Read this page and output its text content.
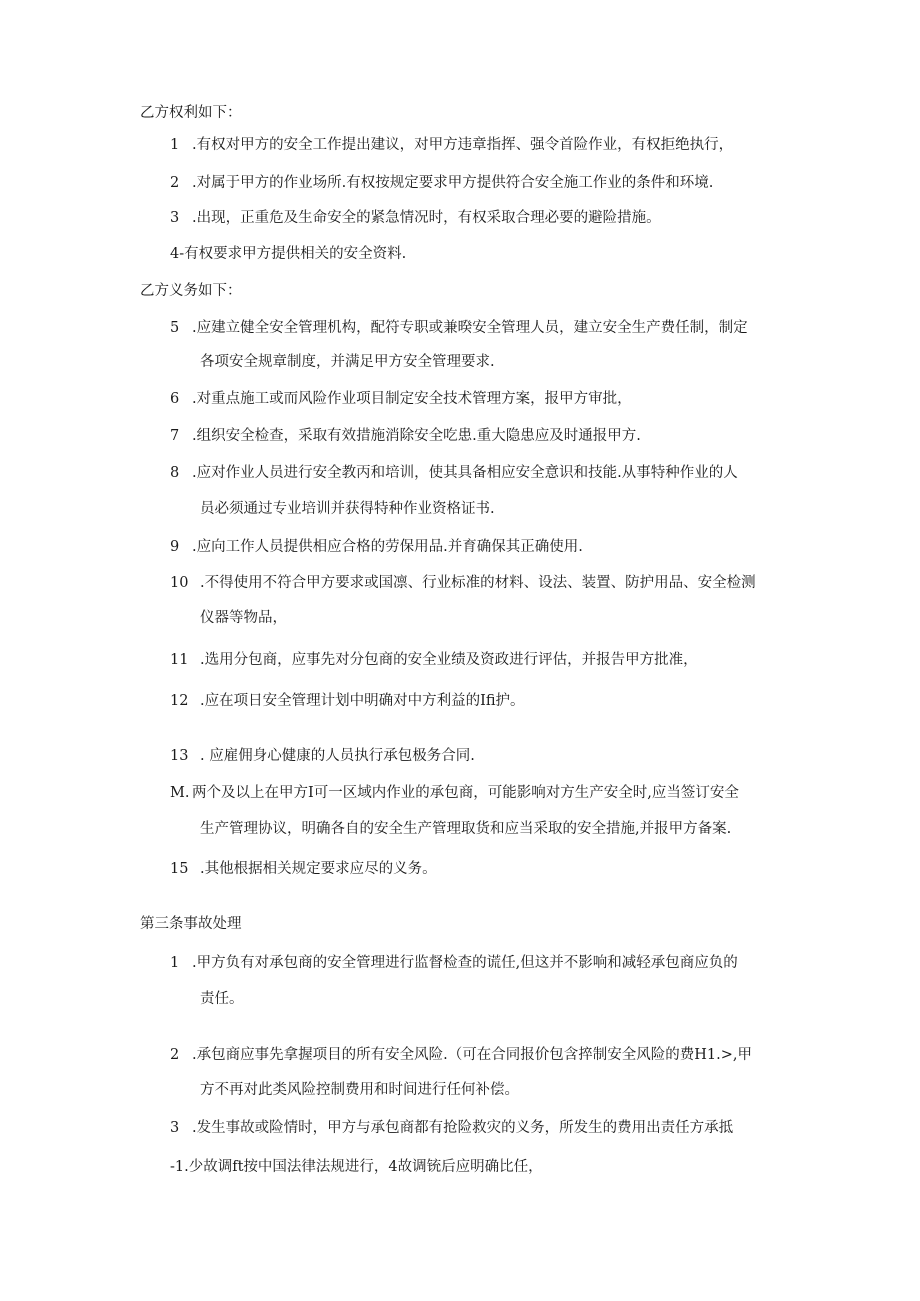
乙方权利如下：
1 .有权对甲方的安全工作提出建议，对甲方违章指挥、强令首险作业，有权拒绝执行，
2 .对属于甲方的作业场所.有权按规定要求甲方提供符合安全施工作业的条件和环境.
3 .出现，正重危及生命安全的紧急情况时，有权采取合理必要的避险措施。
4-有权要求甲方提供相关的安全资料.
乙方义务如下：
5 .应建立健全安全管理机构，配符专职或兼暌安全管理人员，建立安全生产费任制，制定
各项安全规章制度，并满足甲方安全管理要求.
6 .对重点施工或而风险作业项目制定安全技术管理方案，报甲方审批，
7 .组织安全检查，采取有效措施消除安全吃患.重大隐患应及时通报甲方.
8 .应对作业人员进行安全教丙和培训，使其具备相应安全意识和技能.从事特种作业的人
员必须通过专业培训并获得特种作业资格证书.
9 .应向工作人员提供相应合格的劳保用品.并育确保其正确使用.
10 .不得使用不符合甲方要求或国凛、行业标准的材料、设法、装置、防护用品、安全检测
仪器等物品，
11 .选用分包商，应事先对分包商的安全业绩及资政进行评估，并报告甲方批准，
12 .应在项日安全管理计划中明确对中方利益的Ifi护。
13 . 应雇佣身心健康的人员执行承包极务合同.
M. 两个及以上在甲方I可一区域内作业的承包商，可能影响对方生产安全时,应当签订安全
生产管理协议，明确各自的安全生产管理取货和应当采取的安全措施,并报甲方备案.
15 .其他根据相关规定要求应尽的义务。
第三条事故处理
1 .甲方负有对承包商的安全管理进行监督检查的谎任,但这并不影响和减轻承包商应负的
责任。
2 .承包商应事先拿握项目的所有安全风险.（可在合同报价包含捽制安全风险的费H1.>,甲
方不再对此类风险控制费用和时间进行任何补偿。
3 .发生事故或险情时，甲方与承包商都有抢险救灾的义务，所发生的费用出责任方承抵
-1.少故调ft按中国法律法规进行，4故调铳后应明确比任，
